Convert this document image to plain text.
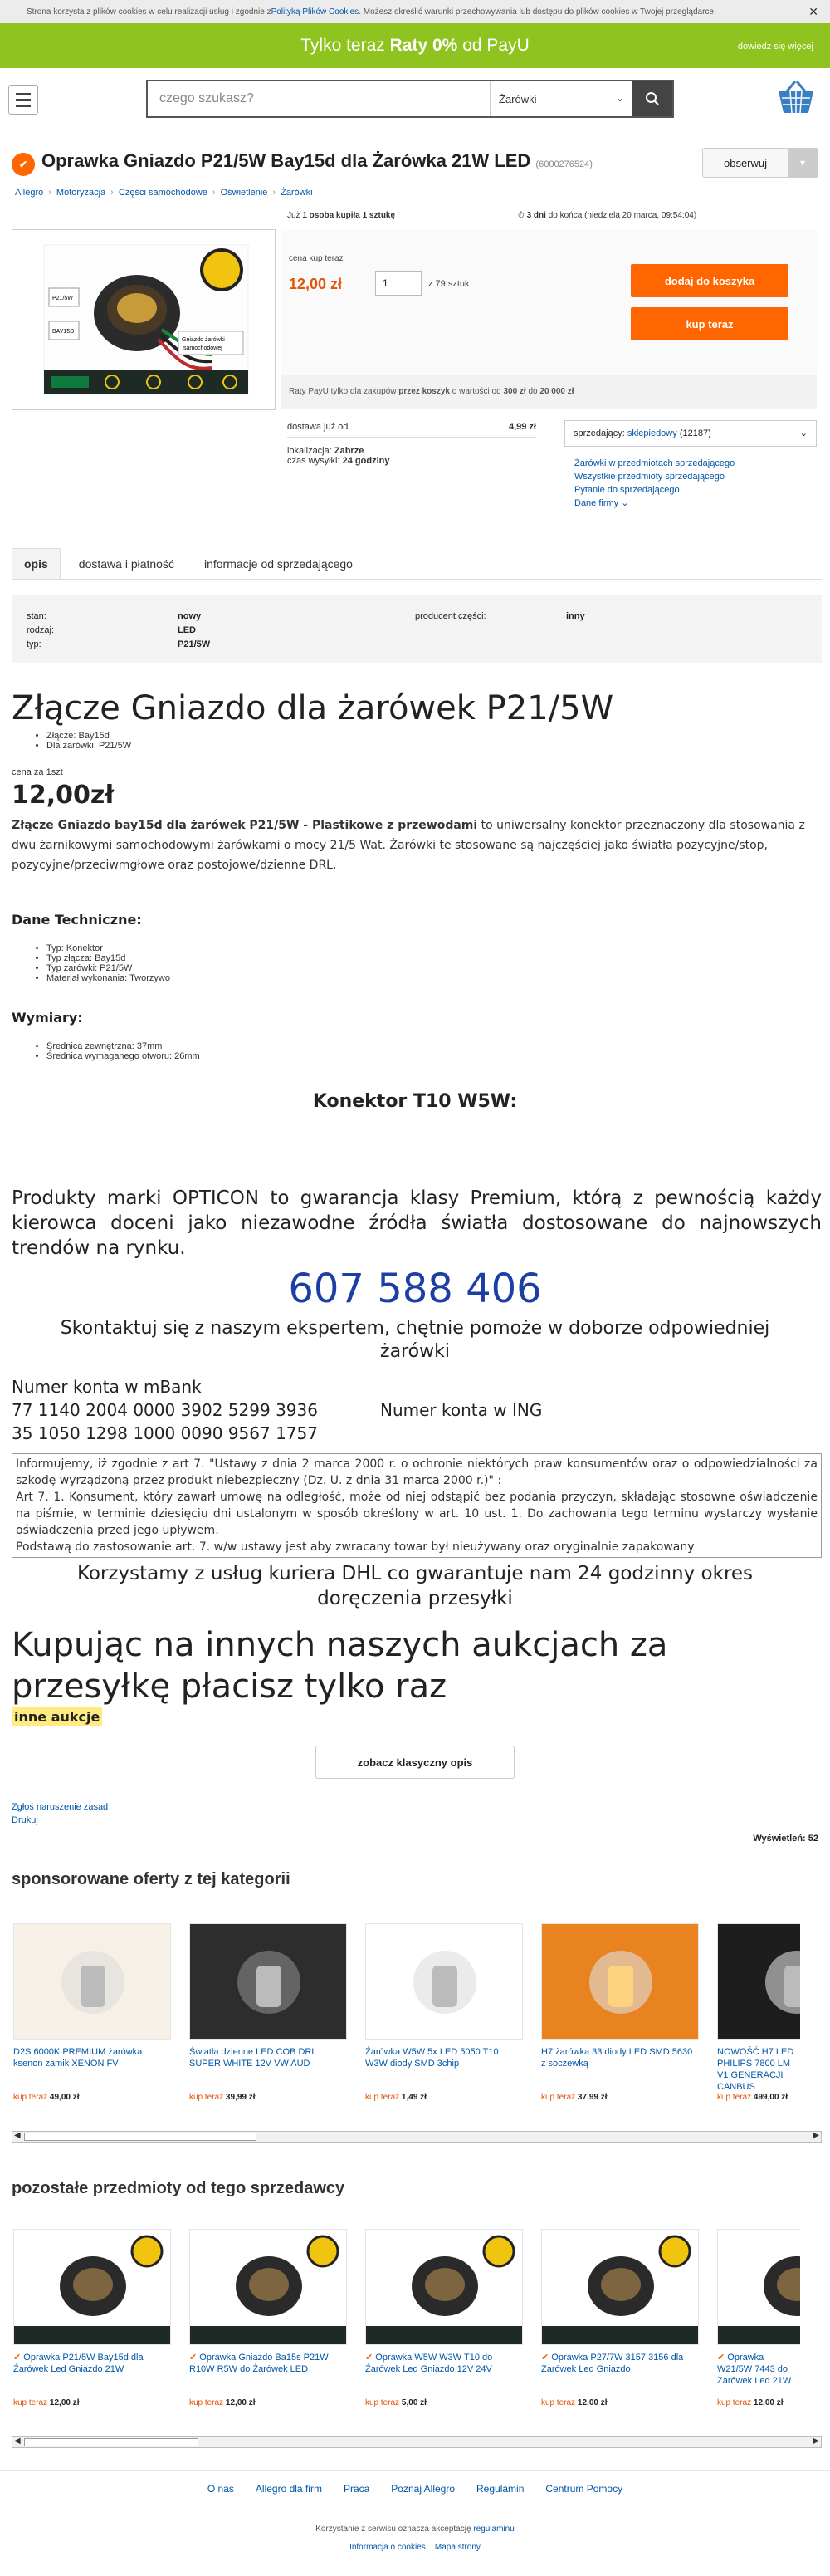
Strona korzysta z plików cookies w celu realizacji usług i zgodnie z Polityką Plików Cookies . Możesz określić warunki przechowywania lub dostępu do plików cookies w Twojej przeglądarce.	✕
Tylko teraz
Raty 0%
od PayU	dowiedz się więcej
czego szukasz?	Żarówki	⌄
✔ Oprawka Gniazdo P21/5W Bay15d dla Żarówka 21W LED (6000276524)	obserwuj	▾
Allegro › Motoryzacja › Części samochodowe › Oświetlenie › Żarówki
Już 1 osoba kupiła 1 sztukę	⏱ 3 dni do końca (niedziela 20 marca, 09:54:04)
P21/5W
BAY15D
Gniazdo żarówki
samochodowej
cena kup teraz
12,00 zł	1	z 79 sztuk	dodaj do koszyka
kup teraz
Raty PayU tylko dla zakupów przez koszyk o wartości od 300 zł do 20 000 zł
dostawa już od	4,99 zł
lokalizacja: Zabrze
czas wysyłki: 24 godziny
sprzedający:
sklepiedowy
(12187)	⌄
Żarówki w przedmiotach sprzedającego
Wszystkie przedmioty sprzedającego
Pytanie do sprzedającego
Dane firmy ⌄
opis	dostawa i płatność	informacje od sprzedającego
stan:	nowy
rodzaj:	LED
typ:	P21/5W
producent części:	inny
Złącze Gniazdo dla żarówek P21/5W
• Złącze: Bay15d
• Dla żarówki: P21/5W
cena za 1szt
12,00zł
Złącze Gniazdo bay15d dla żarówek P21/5W - Plastikowe z przewodami to uniwersalny konektor przeznaczony dla stosowania z dwu żarnikowymi samochodowymi żarówkami o mocy 21/5 Wat. Żarówki te stosowane są najczęściej jako światła pozycyjne/stop, pozycyjne/przeciwmgłowe oraz postojowe/dzienne DRL.
Dane Techniczne:
• Typ: Konektor
• Typ złącza: Bay15d
• Typ żarówki: P21/5W
• Materiał wykonania: Tworzywo
Wymiary:
• Średnica zewnętrzna: 37mm
• Średnica wymaganego otworu: 26mm
Konektor T10 W5W:
Produkty marki OPTICON to gwarancja klasy Premium, którą z pewnością każdy kierowca doceni jako niezawodne źródła światła dostosowane do najnowszych trendów na rynku.
607 588 406
Skontaktuj się z naszym ekspertem, chętnie pomoże w doborze odpowiedniej żarówki
Numer konta w mBank
77 1140 2004 0000 3902 5299 3936	Numer konta w ING
35 1050 1298 1000 0090 9567 1757
Informujemy, iż zgodnie z art 7. "Ustawy z dnia 2 marca 2000 r. o ochronie niektórych praw konsumentów oraz o odpowiedzialności za szkodę wyrządzoną przez produkt niebezpieczny (Dz. U. z dnia 31 marca 2000 r.)" :
Art 7. 1. Konsument, który zawarł umowę na odległość, może od niej odstąpić bez podania przyczyn, składając stosowne oświadczenie na piśmie, w terminie dziesięciu dni ustalonym w sposób określony w art. 10 ust. 1. Do zachowania tego terminu wystarczy wysłanie oświadczenia przed jego upływem.
Podstawą do zastosowanie art. 7. w/w ustawy jest aby zwracany towar był nieużywany oraz oryginalnie zapakowany
Korzystamy z usług kuriera DHL co gwarantuje nam 24 godzinny okres doręczenia przesyłki
Kupując na innych naszych aukcjach za przesyłkę płacisz tylko raz
inne aukcje
zobacz klasyczny opis
Zgłoś naruszenie zasad
Drukuj
Wyświetleń: 52
sponsorowane oferty z tej kategorii
D2S 6000K PREMIUM żarówka ksenon zamik XENON FV
kup teraz 49,00 zł
Światła dzienne LED COB DRL SUPER WHITE 12V VW AUD
kup teraz 39,99 zł
Żarówka W5W 5x LED 5050 T10 W3W diody SMD 3chip
kup teraz 1,49 zł
H7 żarówka 33 diody LED SMD 5630 z soczewką
kup teraz 37,99 zł
NOWOŚĆ H7 LED PHILIPS 7800 LM V1 GENERACJI CANBUS
kup teraz 499,00 zł
◀	▶
pozostałe przedmioty od tego sprzedawcy
✔ Oprawka P21/5W Bay15d dla Żarówek Led Gniazdo 21W
kup teraz 12,00 zł
✔ Oprawka Gniazdo Ba15s P21W R10W R5W do Żarówek LED
kup teraz 12,00 zł
✔ Oprawka W5W W3W T10 do Żarówek Led Gniazdo 12V 24V
kup teraz 5,00 zł
✔ Oprawka P27/7W 3157 3156 dla Żarówek Led Gniazdo
kup teraz 12,00 zł
✔ Oprawka W21/5W 7443 do Żarówek Led 21W
kup teraz 12,00 zł
◀	▶
O nas Allegro dla firm Praca Poznaj Allegro Regulamin Centrum Pomocy
Korzystanie z serwisu oznacza akceptację regulaminu
Informacja o cookies Mapa strony
